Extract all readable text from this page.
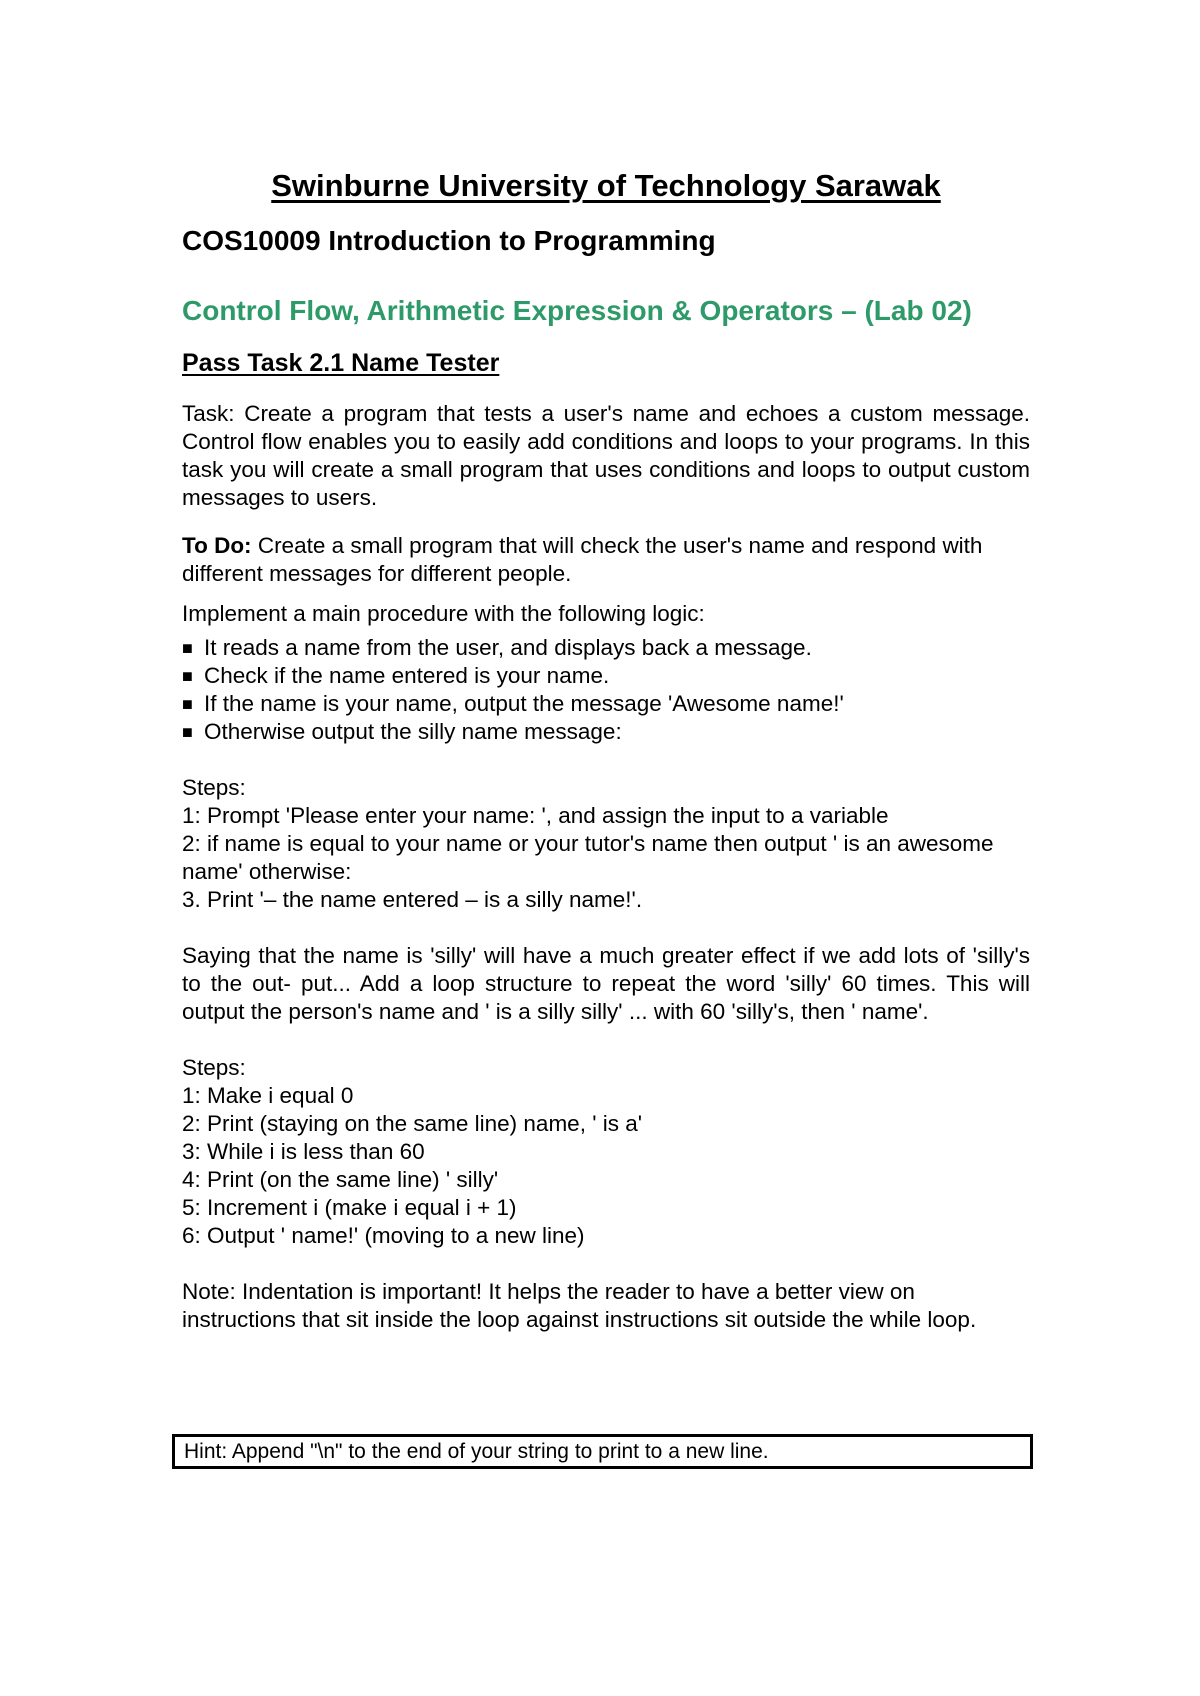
Swinburne University of Technology Sarawak
COS10009 Introduction to Programming
Control Flow, Arithmetic Expression & Operators – (Lab 02)
Pass Task 2.1 Name Tester

Task: Create a program that tests a user's name and echoes a custom message. Control flow enables you to easily add conditions and loops to your programs. In this task you will create a small program that uses conditions and loops to output custom messages to users.

To Do: Create a small program that will check the user's name and respond with different messages for different people.

Implement a main procedure with the following logic:

■ It reads a name from the user, and displays back a message.
■ Check if the name entered is your name.
■ If the name is your name, output the message 'Awesome name!'
■ Otherwise output the silly name message:

Steps:

1: Prompt 'Please enter your name: ', and assign the input to a variable
2: if name is equal to your name or your tutor's name then output ' is an awesome name' otherwise:
3. Print '– the name entered – is a silly name!'.

Saying that the name is 'silly' will have a much greater effect if we add lots of 'silly's to the out- put... Add a loop structure to repeat the word 'silly' 60 times. This will output the person's name and ' is a silly silly' ... with 60 'silly's, then ' name'.

Steps:

1: Make i equal 0
2: Print (staying on the same line) name, ' is a'
3: While i is less than 60
4: Print (on the same line) ' silly'
5: Increment i (make i equal i + 1)
6: Output ' name!' (moving to a new line)

Note: Indentation is important! It helps the reader to have a better view on instructions that sit inside the loop against instructions sit outside the while loop.

Hint: Append "\n" to the end of your string to print to a new line.
